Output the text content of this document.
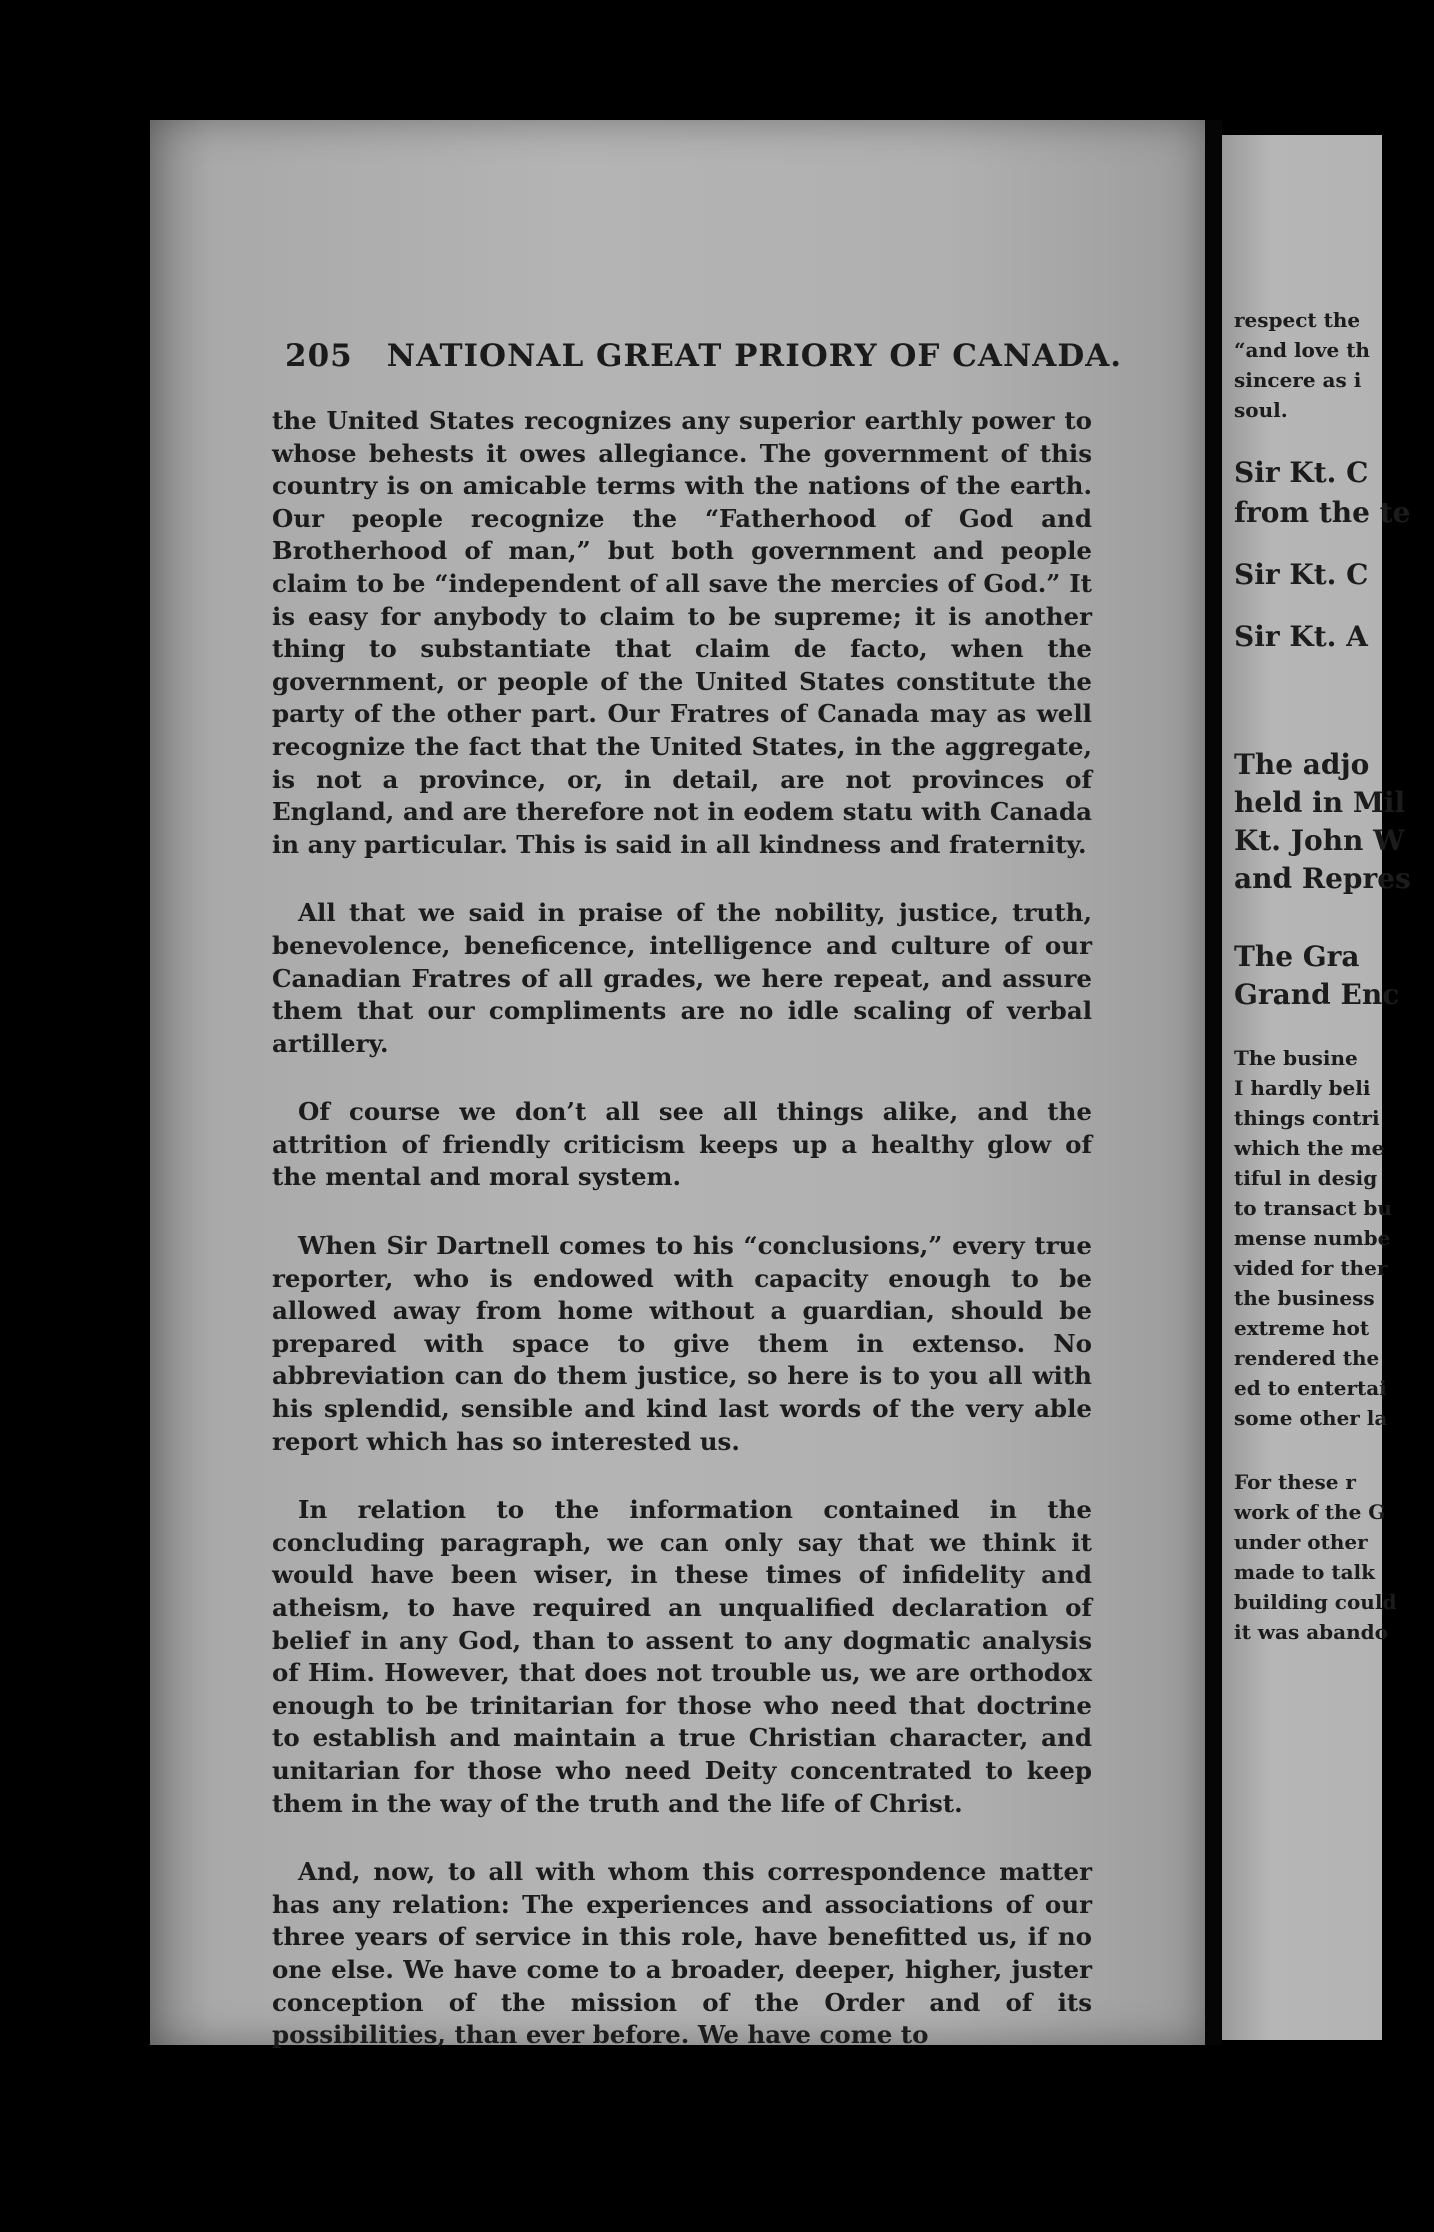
205 NATIONAL GREAT PRIORY OF CANADA.

the United States recognizes any superior earthly power to whose behests it owes allegiance. The government of this country is on amicable terms with the nations of the earth. Our people recognize the “Fatherhood of God and Brotherhood of man,” but both government and people claim to be “independent of all save the mercies of God.” It is easy for anybody to claim to be supreme; it is another thing to substantiate that claim de facto, when the government, or people of the United States constitute the party of the other part. Our Fratres of Canada may as well recognize the fact that the United States, in the aggregate, is not a province, or, in detail, are not provinces of England, and are therefore not in eodem statu with Canada in any particular. This is said in all kindness and fraternity.

All that we said in praise of the nobility, justice, truth, benevolence, beneficence, intelligence and culture of our Canadian Fratres of all grades, we here repeat, and assure them that our compliments are no idle scaling of verbal artillery.

Of course we don’t all see all things alike, and the attrition of friendly criticism keeps up a healthy glow of the mental and moral system.

When Sir Dartnell comes to his “conclusions,” every true reporter, who is endowed with capacity enough to be allowed away from home without a guardian, should be prepared with space to give them in extenso. No abbreviation can do them justice, so here is to you all with his splendid, sensible and kind last words of the very able report which has so interested us.

In relation to the information contained in the concluding paragraph, we can only say that we think it would have been wiser, in these times of infidelity and atheism, to have required an unqualified declaration of belief in any God, than to assent to any dogmatic analysis of Him. However, that does not trouble us, we are orthodox enough to be trinitarian for those who need that doctrine to establish and maintain a true Christian character, and unitarian for those who need Deity concentrated to keep them in the way of the truth and the life of Christ.

And, now, to all with whom this correspondence matter has any relation: The experiences and associations of our three years of service in this role, have benefitted us, if no one else. We have come to a broader, deeper, higher, juster conception of the mission of the Order and of its possibilities, than ever before. We have come to

respect the
“and love th
sincere as i
soul.
Sir Kt. C
from the te
Sir Kt. C
Sir Kt. A
The adjo
held in Mil
Kt. John W
and Repres
The Gra
Grand Enc
The busine
I hardly beli
things contri
which the me
tiful in desig
to transact bu
mense numbe
vided for ther
the business
extreme hot
rendered the
ed to entertai
some other la
For these r
work of the G
under other
made to talk
building could
it was abando
